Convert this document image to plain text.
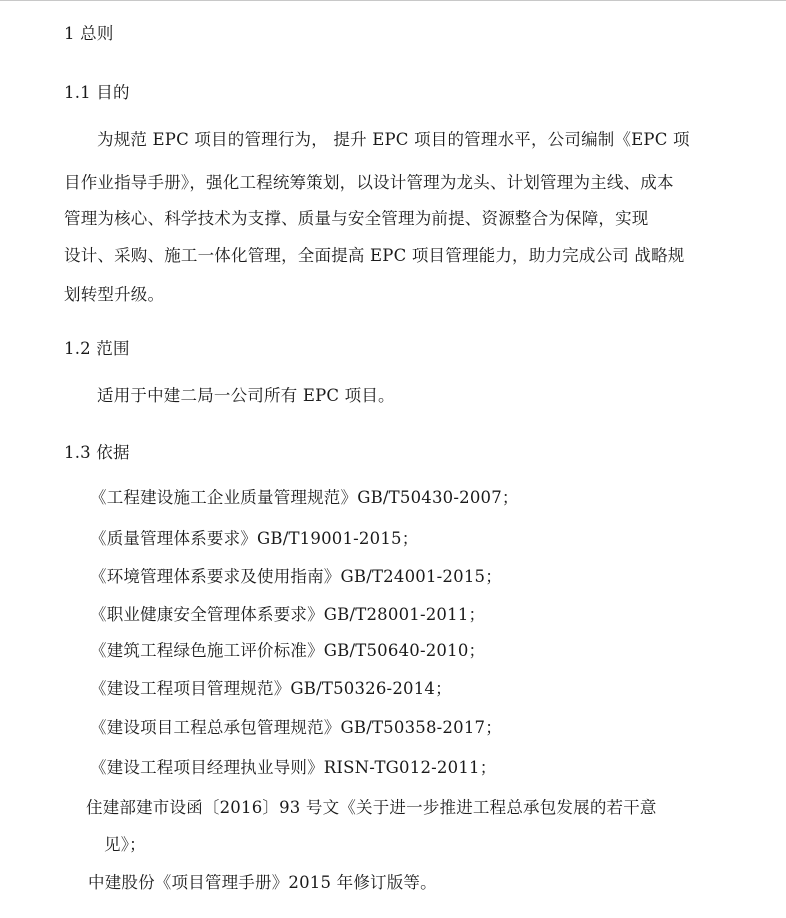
1 总则
1.1 目的
为规范 EPC 项目的管理行为， 提升 EPC 项目的管理水平，公司编制《EPC 项
目作业指导手册》，强化工程统筹策划，以设计管理为龙头、计划管理为主线、成本
管理为核心、科学技术为支撑、质量与安全管理为前提、资源整合为保障，实现
设计、采购、施工一体化管理，全面提高 EPC 项目管理能力，助力完成公司 战略规
划转型升级。
1.2 范围
适用于中建二局一公司所有 EPC 项目。
1.3 依据
《工程建设施工企业质量管理规范》GB/T50430-2007；
《质量管理体系要求》GB/T19001-2015；
《环境管理体系要求及使用指南》GB/T24001-2015；
《职业健康安全管理体系要求》GB/T28001-2011；
《建筑工程绿色施工评价标准》GB/T50640-2010；
《建设工程项目管理规范》GB/T50326-2014；
《建设项目工程总承包管理规范》GB/T50358-2017；
《建设工程项目经理执业导则》RISN-TG012-2011；
住建部建市设函〔2016〕93 号文《关于进一步推进工程总承包发展的若干意
见》；
中建股份《项目管理手册》2015 年修订版等。
